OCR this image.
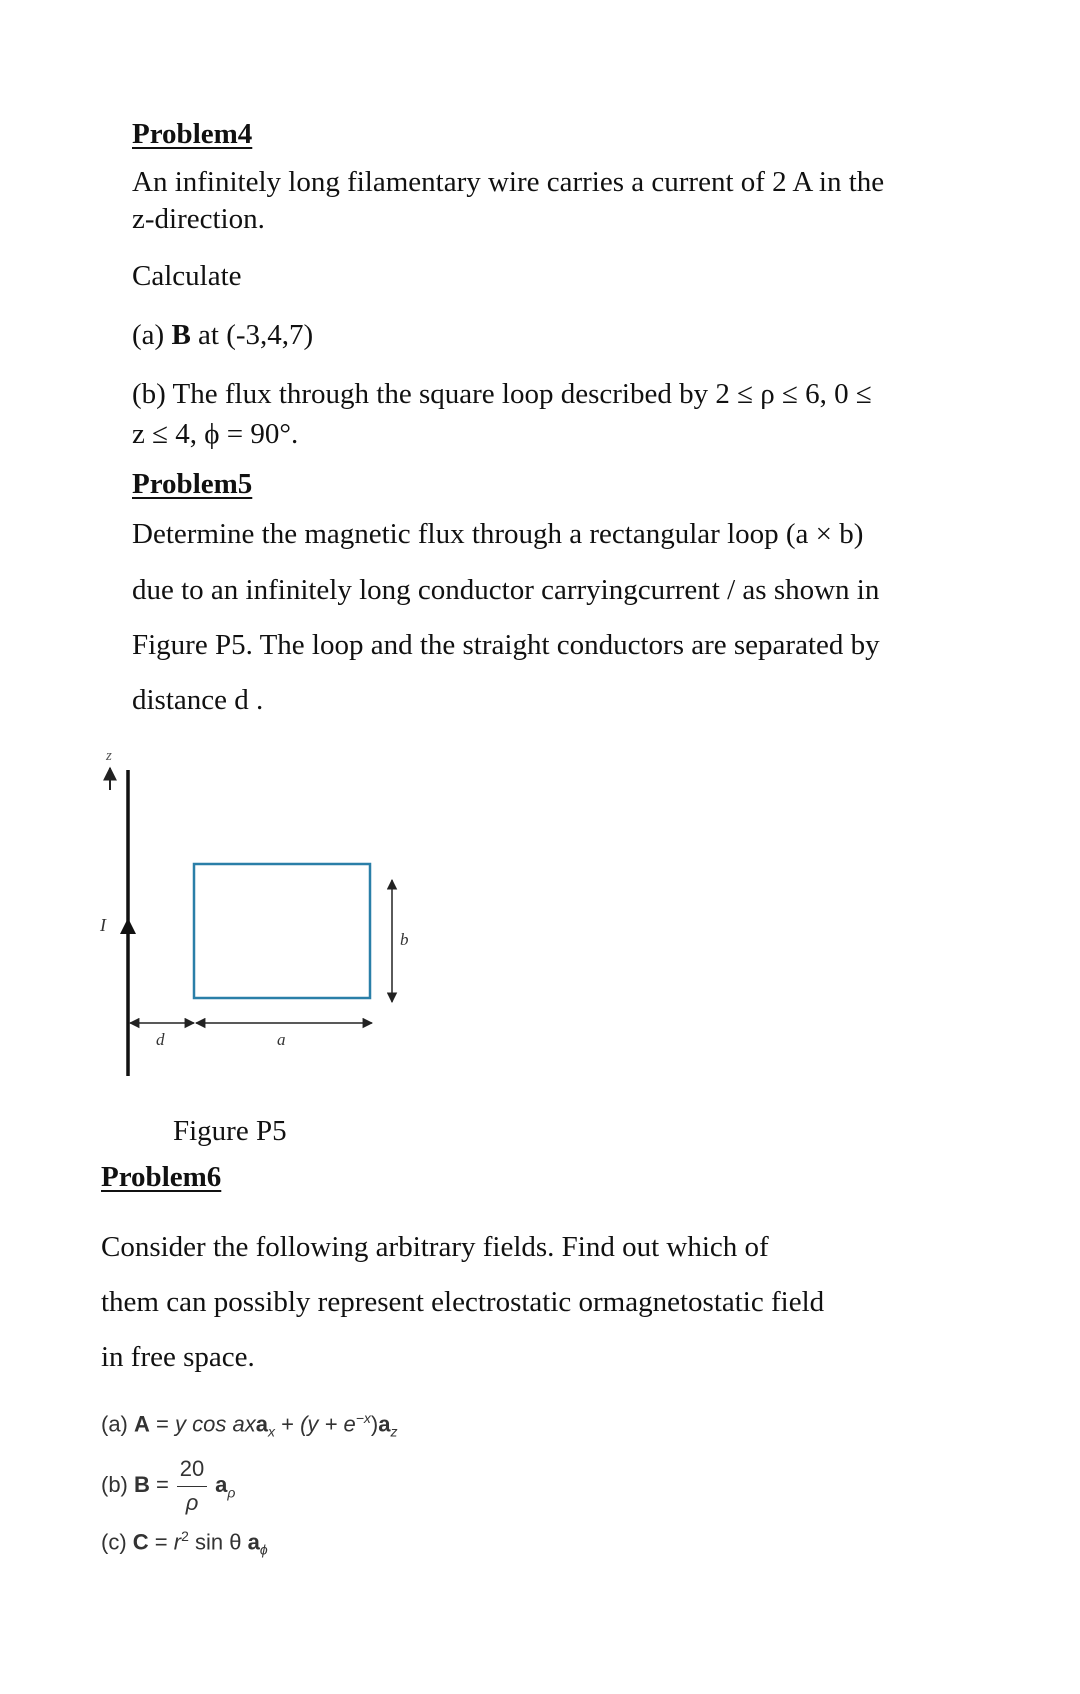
Problem4
An infinitely long filamentary wire carries a current of 2 A in the
z-direction.
Calculate
(a) B at (-3,4,7)
(b) The flux through the square loop described by 2 ≤ ρ ≤ 6, 0 ≤
z ≤ 4, ϕ = 90°.
Problem5
Determine the magnetic flux through a rectangular loop (a × b)
due to an infinitely long conductor carryingcurrent / as shown in
Figure P5. The loop and the straight conductors are separated by
distance d .
z
I
b
d	a
Figure P5
Problem6
Consider the following arbitrary fields. Find out which of
them can possibly represent electrostatic ormagnetostatic field
in free space.
(a) A = y $\cos axa_x + (y + e^{-x})a_z$
(b) $B = \frac{20}{\rho} a_\rho$
(c) $C = r^2$ sin θ $a_\phi$
